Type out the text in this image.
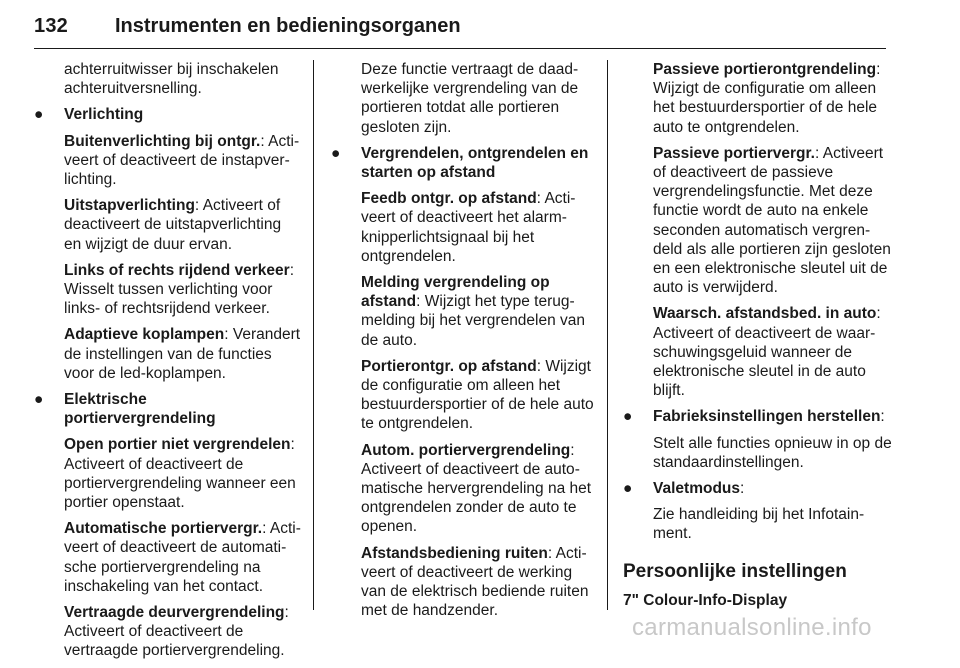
132 Instrumenten en bedieningsorganen
achterruitwisser bij inschakelen achteruitversnelling.
● Verlichting
Buitenverlichting bij ontgr.: Activeert of deactiveert de instapverlichting.
Uitstapverlichting: Activeert of deactiveert de uitstapverlichting en wijzigt de duur ervan.
Links of rechts rijdend verkeer: Wisselt tussen verlichting voor links- of rechtsrijdend verkeer.
Adaptieve koplampen: Verandert de instellingen van de functies voor de led-koplampen.
● Elektrische portiervergrendeling
Open portier niet vergrendelen: Activeert of deactiveert de portiervergrendeling wanneer een portier openstaat.
Automatische portiervergr.: Activeert of deactiveert de automatische portiervergrendeling na inschakeling van het contact.
Vertraagde deurvergrendeling: Activeert of deactiveert de vertraagde portiervergrendeling.
Deze functie vertraagt de daadwerkelijke vergrendeling van de portieren totdat alle portieren gesloten zijn.
● Vergrendelen, ontgrendelen en starten op afstand
Feedb ontgr. op afstand: Activeert of deactiveert het alarmknipperlichtsignaal bij het ontgrendelen.
Melding vergrendeling op afstand: Wijzigt het type terugmelding bij het vergrendelen van de auto.
Portierontgr. op afstand: Wijzigt de configuratie om alleen het bestuurdersportier of de hele auto te ontgrendelen.
Autom. portiervergrendeling: Activeert of deactiveert de automatische hervergrendeling na het ontgrendelen zonder de auto te openen.
Afstandsbediening ruiten: Activeert of deactiveert de werking van de elektrisch bediende ruiten met de handzender.
Passieve portierontgrendeling: Wijzigt de configuratie om alleen het bestuurdersportier of de hele auto te ontgrendelen.
Passieve portiervergr.: Activeert of deactiveert de passieve vergrendelingsfunctie. Met deze functie wordt de auto na enkele seconden automatisch vergrendeld als alle portieren zijn gesloten en een elektronische sleutel uit de auto is verwijderd.
Waarsch. afstandsbed. in auto: Activeert of deactiveert de waarschuwingsgeluid wanneer de elektronische sleutel in de auto blijft.
● Fabrieksinstellingen herstellen:
Stelt alle functies opnieuw in op de standaardinstellingen.
● Valetmodus:
Zie handleiding bij het Infotainment.
Persoonlijke instellingen
7" Colour-Info-Display
carmanualsonline.info
